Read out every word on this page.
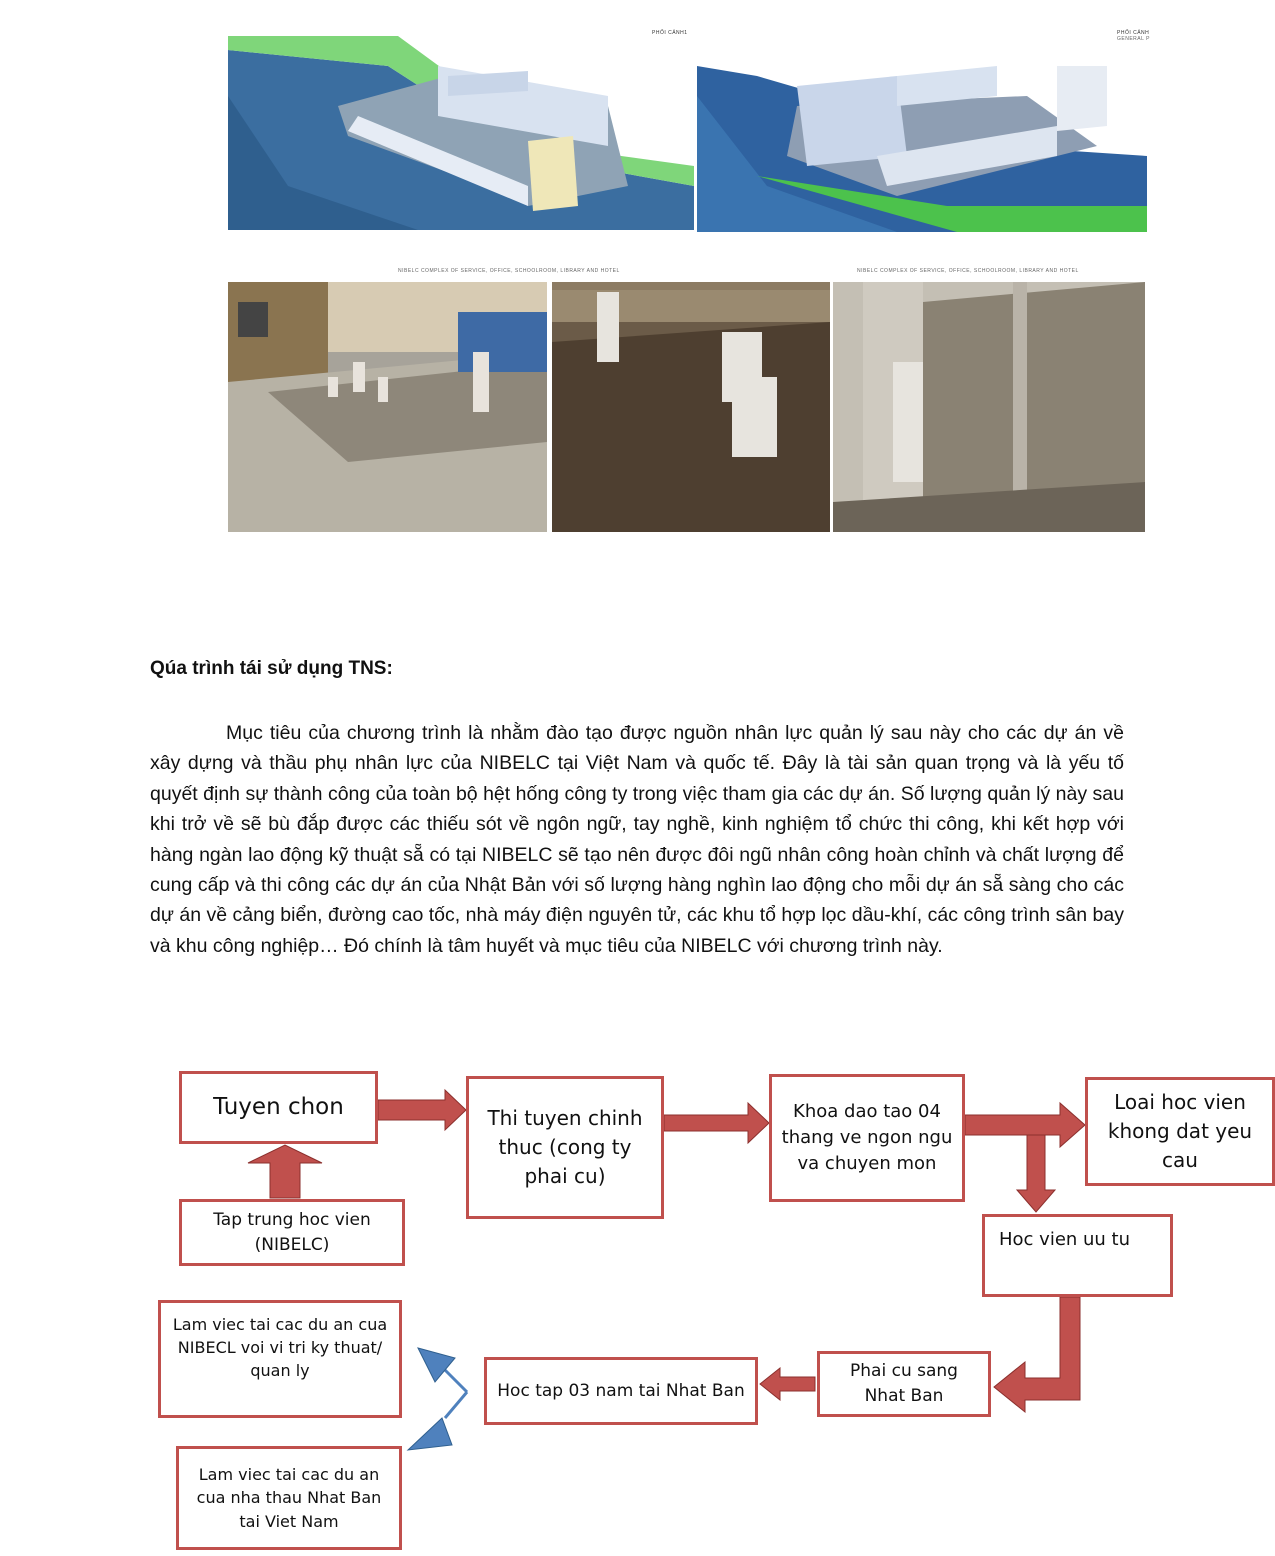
PHỐI CẢNH1	PHỐI CẢNH
GENERAL P
NIBELC COMPLEX OF SERVICE, OFFICE, SCHOOLROOM, LIBRARY AND HOTEL	NIBELC COMPLEX OF SERVICE, OFFICE, SCHOOLROOM, LIBRARY AND HOTEL
Qúa trình tái sử dụng TNS:
Mục tiêu của chương trình là nhằm đào tạo được nguồn nhân lực quản lý sau này cho các dự án về xây dựng và thầu phụ nhân lực của NIBELC tại Việt Nam và quốc tế. Đây là tài sản quan trọng và là yếu tố quyết định sự thành công của toàn bộ hệt hống công ty trong việc tham gia các dự án. Số lượng quản lý này sau khi trở về sẽ bù đắp được các thiếu sót về ngôn ngữ, tay nghề, kinh nghiệm tổ chức thi công, khi kết hợp với hàng ngàn lao động kỹ thuật sẵ có tại NIBELC sẽ tạo nên được đôi ngũ nhân công hoàn chỉnh và chất lượng để cung cấp và thi công các dự án của Nhật Bản với số lượng hàng nghìn lao động cho mỗi dự án sẵ sàng cho các dự án về cảng biển, đường cao tốc, nhà máy điện nguyên tử, các khu tổ hợp lọc dầu-khí, các công trình sân bay và khu công nghiệp… Đó chính là tâm huyết và mục tiêu của NIBELC với chương trình này.
Tuyen chon
Tap trung hoc vien (NIBELC)
Thi tuyen chinh thuc (cong ty phai cu)
Khoa dao tao 04 thang ve ngon ngu va chuyen mon
Loai hoc vien khong dat yeu cau
Hoc vien uu tu
Phai cu sang Nhat Ban
Hoc tap 03 nam tai Nhat Ban
Lam viec tai cac du an cua NIBECL voi vi tri ky thuat/ quan ly
Lam viec tai cac du an cua nha thau Nhat Ban tai Viet Nam
